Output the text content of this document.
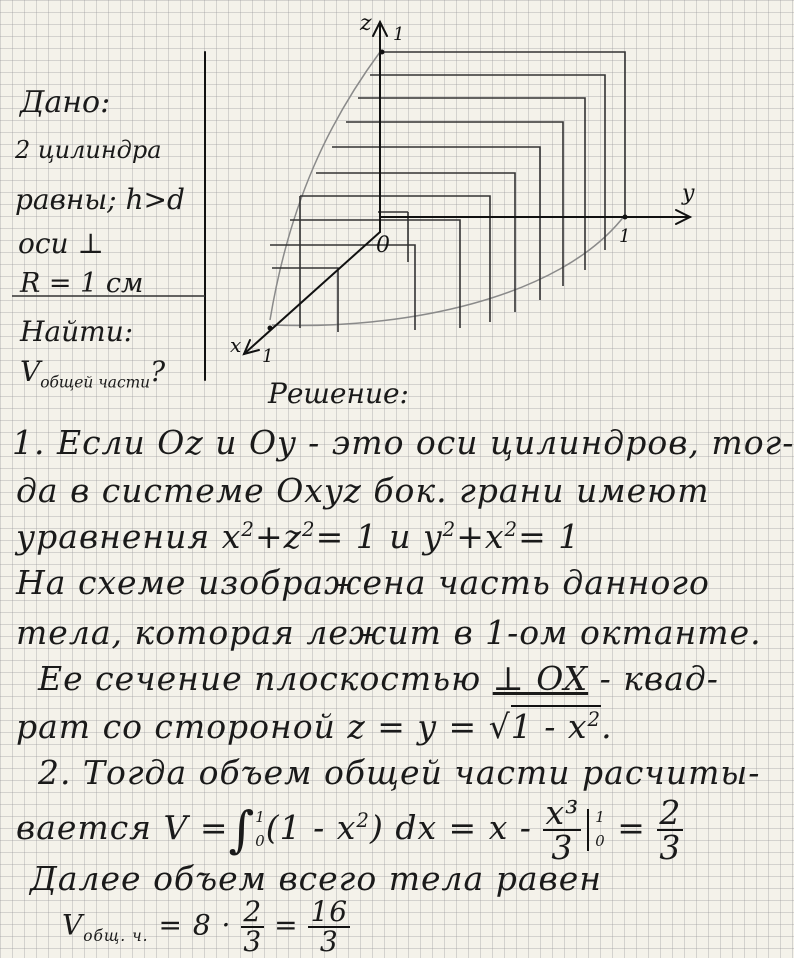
z 1
y
1
0
x 1
Дано:
2 цилиндра
равны; h>d
оси ⊥
R = 1 см
Найти:
$V_{общей части}$?
Решение:
1. Если Oz и Oy - это оси цилиндров, тог-
да в системе Oxyz бок. грани имеют
уравнения $x^2+z^2= 1$ и $y^2+x^2= 1$
На схеме изображена часть данного
тела, которая лежит в 1-ом октанте.
Ее сечение плоскостью ⊥ OX - квад-
рат со стороной $z = y = √1 - x^2$.
2. Тогда объем общей части расчиты-
вается V =∫1
$0(1 - x^2)$ dx = x - $\frac{\text{x³}}{3} 1$
$0 = \frac{2}{3}$
Далее объем всего тела равен
$V_{общ. ч.} = 8 \cdot \frac{2}{3} = \frac{16}{3}$
